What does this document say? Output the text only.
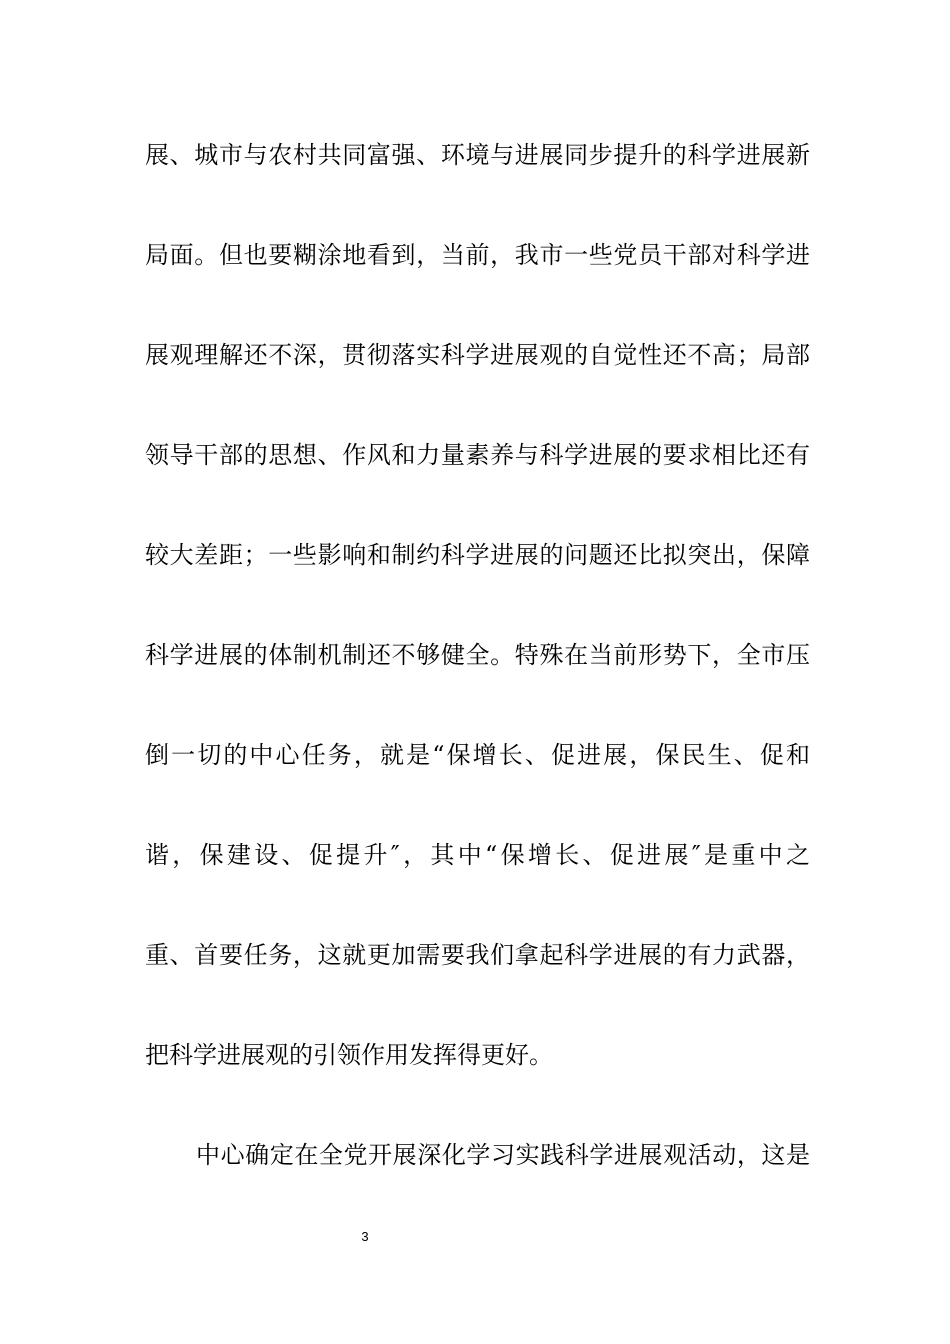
展、城市与农村共同富强、环境与进展同步提升的科学进展新
局面。但也要糊涂地看到，当前，我市一些党员干部对科学进
展观理解还不深，贯彻落实科学进展观的自觉性还不高；局部
领导干部的思想、作风和力量素养与科学进展的要求相比还有
较大差距；一些影响和制约科学进展的问题还比拟突出，保障
科学进展的体制机制还不够健全。特殊在当前形势下，全市压
倒一切的中心任务，就是“保增长、促进展，保民生、促和
谐，保建设、促提升″，其中“保增长、促进展″是重中之
重、首要任务，这就更加需要我们拿起科学进展的有力武器，
把科学进展观的引领作用发挥得更好。
中心确定在全党开展深化学习实践科学进展观活动，这是
3
